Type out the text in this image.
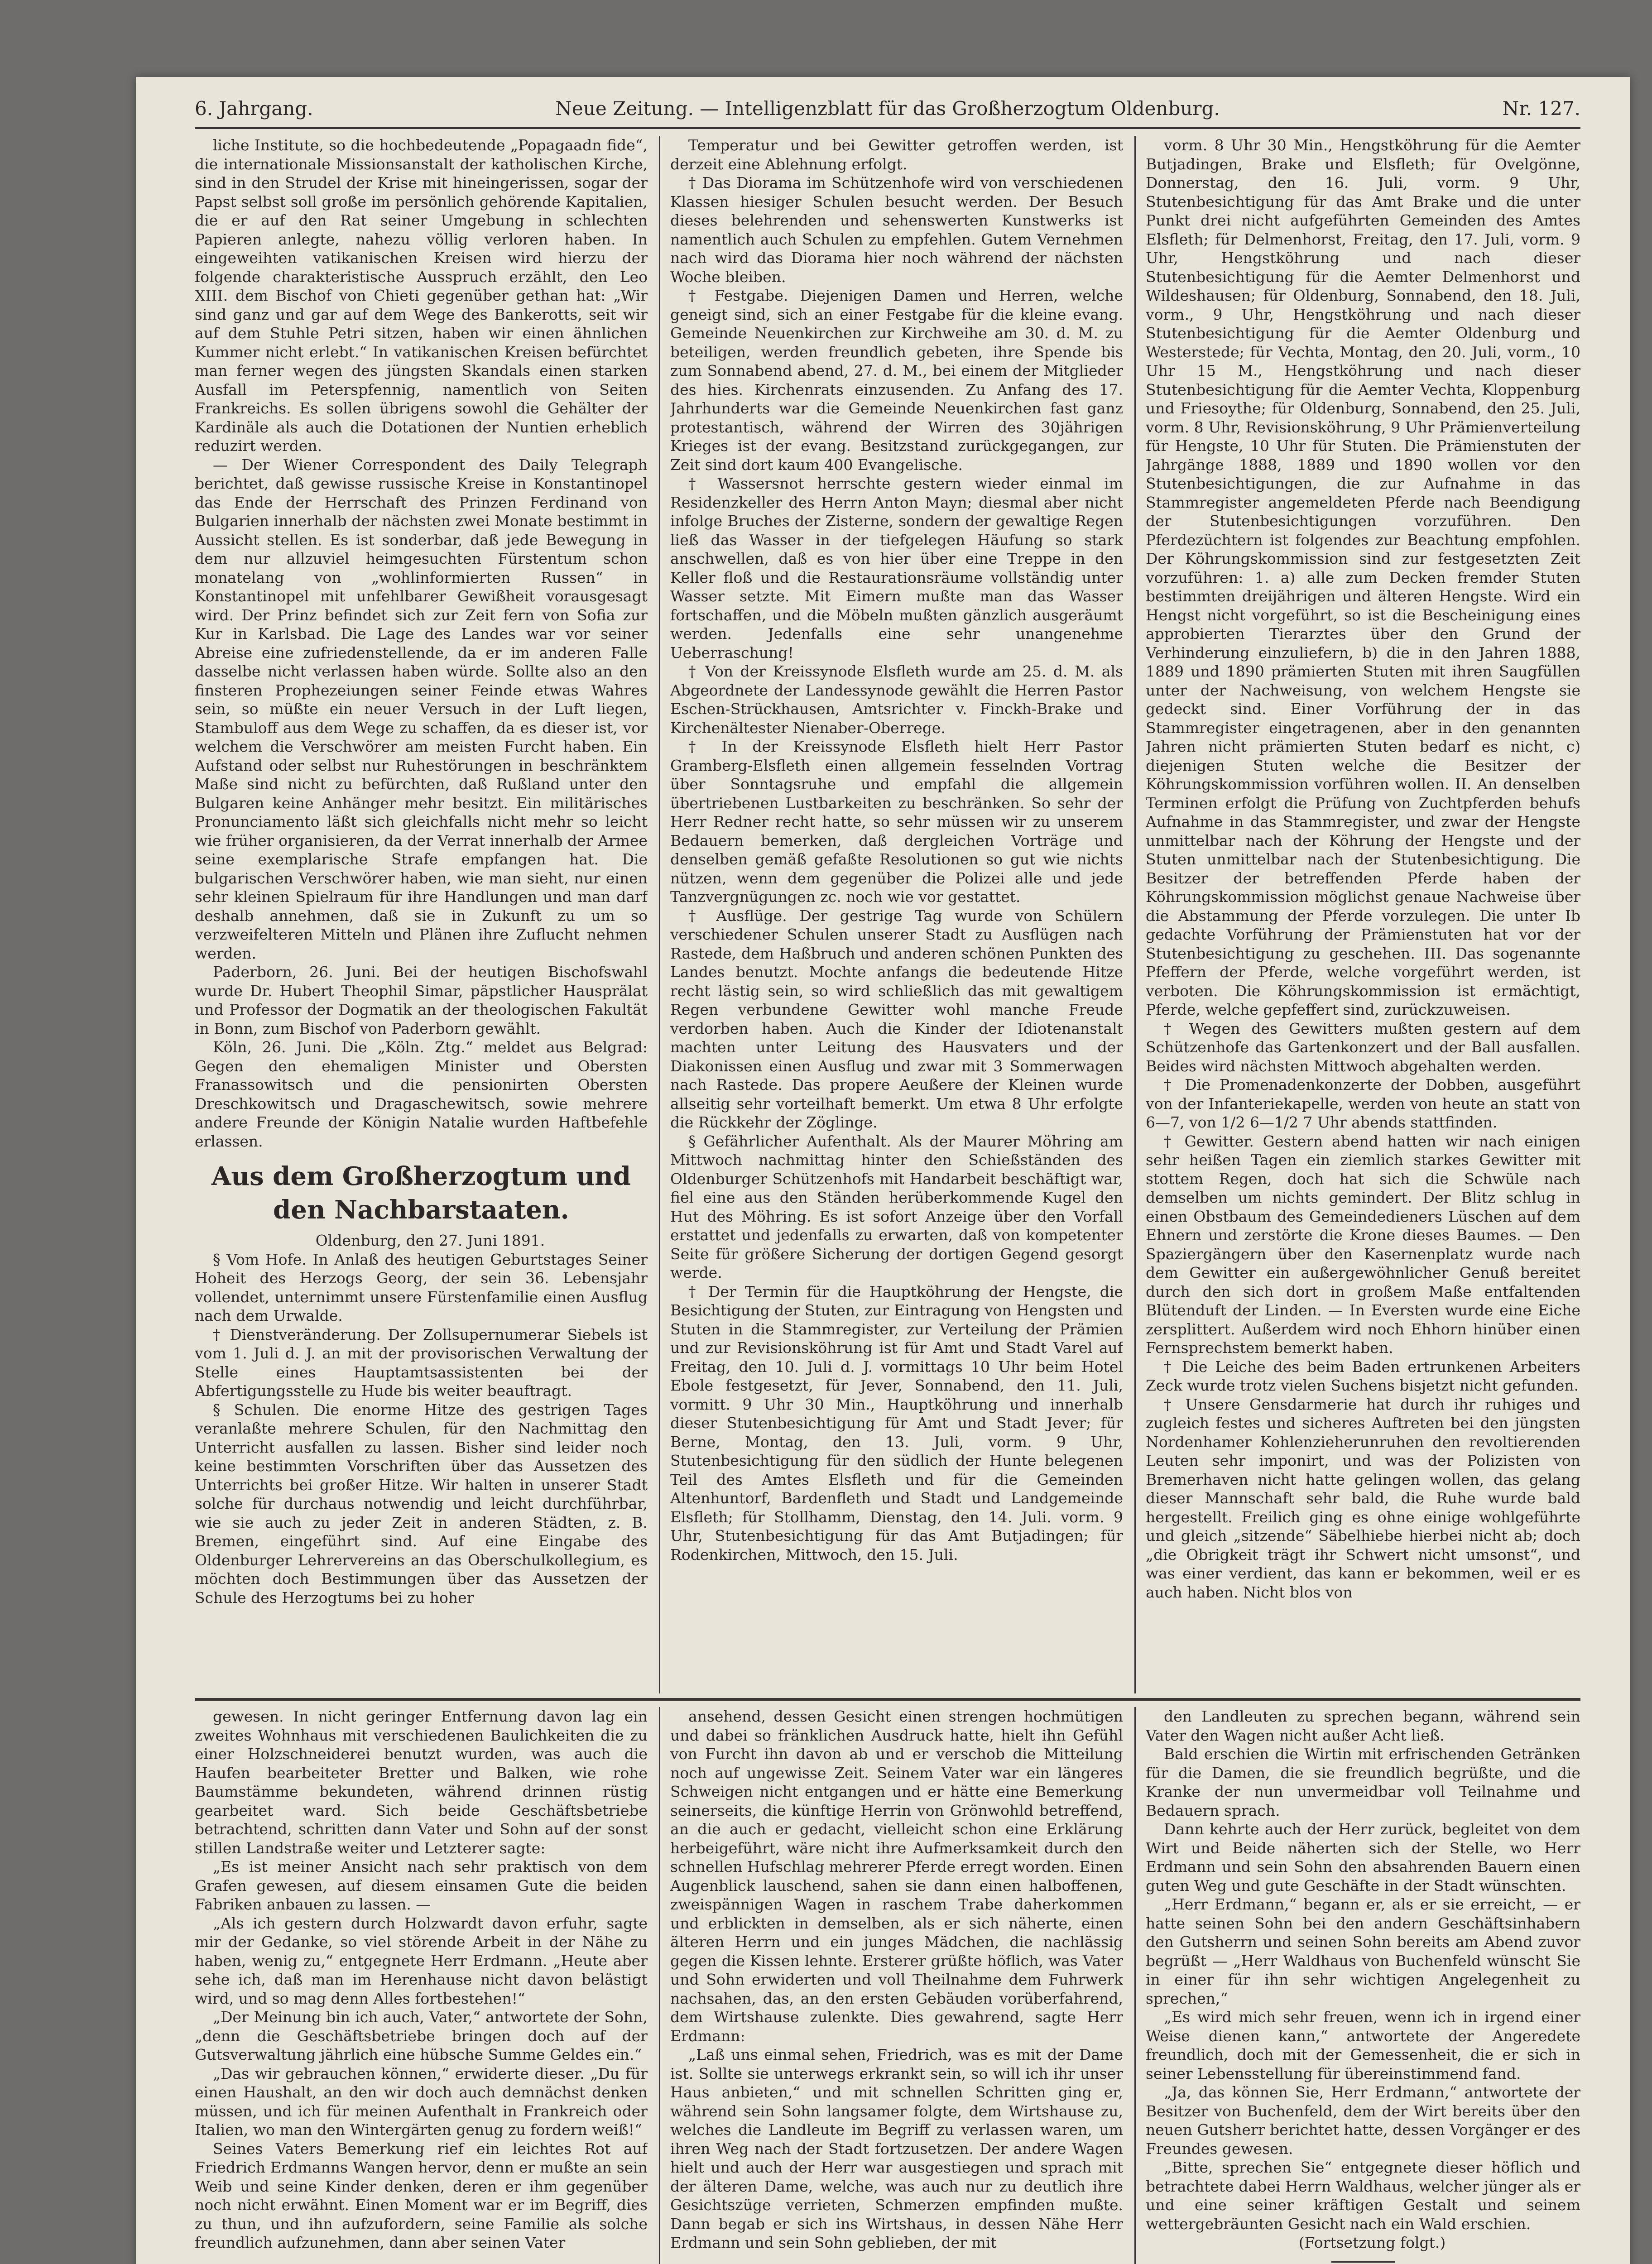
6. Jahrgang.	Neue Zeitung. — Intelligenzblatt für das Großherzogtum Oldenburg.	Nr. 127.

liche Institute, so die hochbedeutende „Popagaadn fide“, die internationale Missionsanstalt der katholischen Kirche, sind in den Strudel der Krise mit hineingerissen, sogar der Papst selbst soll große im persönlich gehörende Kapitalien, die er auf den Rat seiner Umgebung in schlechten Papieren anlegte, nahezu völlig verloren haben. In eingeweihten vatikanischen Kreisen wird hierzu der folgende charakteristische Ausspruch erzählt, den Leo XIII. dem Bischof von Chieti gegenüber gethan hat: „Wir sind ganz und gar auf dem Wege des Bankerotts, seit wir auf dem Stuhle Petri sitzen, haben wir einen ähnlichen Kummer nicht erlebt.“ In vatikanischen Kreisen befürchtet man ferner wegen des jüngsten Skandals einen starken Ausfall im Peterspfennig, namentlich von Seiten Frankreichs. Es sollen übrigens sowohl die Gehälter der Kardinäle als auch die Dotationen der Nuntien erheblich reduzirt werden.

— Der Wiener Correspondent des Daily Telegraph berichtet, daß gewisse russische Kreise in Konstantinopel das Ende der Herrschaft des Prinzen Ferdinand von Bulgarien innerhalb der nächsten zwei Monate bestimmt in Aussicht stellen. Es ist sonderbar, daß jede Bewegung in dem nur allzuviel heimgesuchten Fürstentum schon monatelang von „wohlinformierten Russen“ in Konstantinopel mit unfehlbarer Gewißheit vorausgesagt wird. Der Prinz befindet sich zur Zeit fern von Sofia zur Kur in Karlsbad. Die Lage des Landes war vor seiner Abreise eine zufriedenstellende, da er im anderen Falle dasselbe nicht verlassen haben würde. Sollte also an den finsteren Prophezeiungen seiner Feinde etwas Wahres sein, so müßte ein neuer Versuch in der Luft liegen, Stambuloff aus dem Wege zu schaffen, da es dieser ist, vor welchem die Verschwörer am meisten Furcht haben. Ein Aufstand oder selbst nur Ruhestörungen in beschränktem Maße sind nicht zu befürchten, daß Rußland unter den Bulgaren keine Anhänger mehr besitzt. Ein militärisches Pronunciamento läßt sich gleichfalls nicht mehr so leicht wie früher organisieren, da der Verrat innerhalb der Armee seine exemplarische Strafe empfangen hat. Die bulgarischen Verschwörer haben, wie man sieht, nur einen sehr kleinen Spielraum für ihre Handlungen und man darf deshalb annehmen, daß sie in Zukunft zu um so verzweifelteren Mitteln und Plänen ihre Zuflucht nehmen werden.

Paderborn, 26. Juni. Bei der heutigen Bischofswahl wurde Dr. Hubert Theophil Simar, päpstlicher Hausprälat und Professor der Dogmatik an der theologischen Fakultät in Bonn, zum Bischof von Paderborn gewählt.

Köln, 26. Juni. Die „Köln. Ztg.“ meldet aus Belgrad: Gegen den ehemaligen Minister und Obersten Franassowitsch und die pensionirten Obersten Dreschkowitsch und Dragaschewitsch, sowie mehrere andere Freunde der Königin Natalie wurden Haftbefehle erlassen.

Aus dem Großherzogtum und den Nachbarstaaten.

Oldenburg, den 27. Juni 1891.

§ Vom Hofe. In Anlaß des heutigen Geburtstages Seiner Hoheit des Herzogs Georg, der sein 36. Lebensjahr vollendet, unternimmt unsere Fürstenfamilie einen Ausflug nach dem Urwalde.

† Dienstveränderung. Der Zollsupernumerar Siebels ist vom 1. Juli d. J. an mit der provisorischen Verwaltung der Stelle eines Hauptamtsassistenten bei der Abfertigungsstelle zu Hude bis weiter beauftragt.

§ Schulen. Die enorme Hitze des gestrigen Tages veranlaßte mehrere Schulen, für den Nachmittag den Unterricht ausfallen zu lassen. Bisher sind leider noch keine bestimmten Vorschriften über das Aussetzen des Unterrichts bei großer Hitze. Wir halten in unserer Stadt solche für durchaus notwendig und leicht durchführbar, wie sie auch zu jeder Zeit in anderen Städten, z. B. Bremen, eingeführt sind. Auf eine Eingabe des Oldenburger Lehrervereins an das Oberschulkollegium, es möchten doch Bestimmungen über das Aussetzen der Schule des Herzogtums bei zu hoher

Temperatur und bei Gewitter getroffen werden, ist derzeit eine Ablehnung erfolgt.

† Das Diorama im Schützenhofe wird von verschiedenen Klassen hiesiger Schulen besucht werden. Der Besuch dieses belehrenden und sehenswerten Kunstwerks ist namentlich auch Schulen zu empfehlen. Gutem Vernehmen nach wird das Diorama hier noch während der nächsten Woche bleiben.

† Festgabe. Diejenigen Damen und Herren, welche geneigt sind, sich an einer Festgabe für die kleine evang. Gemeinde Neuenkirchen zur Kirchweihe am 30. d. M. zu beteiligen, werden freundlich gebeten, ihre Spende bis zum Sonnabend abend, 27. d. M., bei einem der Mitglieder des hies. Kirchenrats einzusenden. Zu Anfang des 17. Jahrhunderts war die Gemeinde Neuenkirchen fast ganz protestantisch, während der Wirren des 30jährigen Krieges ist der evang. Besitzstand zurückgegangen, zur Zeit sind dort kaum 400 Evangelische.

† Wassersnot herrschte gestern wieder einmal im Residenzkeller des Herrn Anton Mayn; diesmal aber nicht infolge Bruches der Zisterne, sondern der gewaltige Regen ließ das Wasser in der tiefgelegen Häufung so stark anschwellen, daß es von hier über eine Treppe in den Keller floß und die Restaurationsräume vollständig unter Wasser setzte. Mit Eimern mußte man das Wasser fortschaffen, und die Möbeln mußten gänzlich ausgeräumt werden. Jedenfalls eine sehr unangenehme Ueberraschung!

† Von der Kreissynode Elsfleth wurde am 25. d. M. als Abgeordnete der Landessynode gewählt die Herren Pastor Eschen-Strückhausen, Amtsrichter v. Finckh-Brake und Kirchenältester Nienaber-Oberrege.

† In der Kreissynode Elsfleth hielt Herr Pastor Gramberg-Elsfleth einen allgemein fesselnden Vortrag über Sonntagsruhe und empfahl die allgemein übertriebenen Lustbarkeiten zu beschränken. So sehr der Herr Redner recht hatte, so sehr müssen wir zu unserem Bedauern bemerken, daß dergleichen Vorträge und denselben gemäß gefaßte Resolutionen so gut wie nichts nützen, wenn dem gegenüber die Polizei alle und jede Tanzvergnügungen zc. noch wie vor gestattet.

† Ausflüge. Der gestrige Tag wurde von Schülern verschiedener Schulen unserer Stadt zu Ausflügen nach Rastede, dem Haßbruch und anderen schönen Punkten des Landes benutzt. Mochte anfangs die bedeutende Hitze recht lästig sein, so wird schließlich das mit gewaltigem Regen verbundene Gewitter wohl manche Freude verdorben haben. Auch die Kinder der Idiotenanstalt machten unter Leitung des Hausvaters und der Diakonissen einen Ausflug und zwar mit 3 Sommerwagen nach Rastede. Das propere Aeußere der Kleinen wurde allseitig sehr vorteilhaft bemerkt. Um etwa 8 Uhr erfolgte die Rückkehr der Zöglinge.

§ Gefährlicher Aufenthalt. Als der Maurer Möhring am Mittwoch nachmittag hinter den Schießständen des Oldenburger Schützenhofs mit Handarbeit beschäftigt war, fiel eine aus den Ständen herüberkommende Kugel den Hut des Möhring. Es ist sofort Anzeige über den Vorfall erstattet und jedenfalls zu erwarten, daß von kompetenter Seite für größere Sicherung der dortigen Gegend gesorgt werde.

† Der Termin für die Hauptköhrung der Hengste, die Besichtigung der Stuten, zur Eintragung von Hengsten und Stuten in die Stammregister, zur Verteilung der Prämien und zur Revisionsköhrung ist für Amt und Stadt Varel auf Freitag, den 10. Juli d. J. vormittags 10 Uhr beim Hotel Ebole festgesetzt, für Jever, Sonnabend, den 11. Juli, vormitt. 9 Uhr 30 Min., Hauptköhrung und innerhalb dieser Stutenbesichtigung für Amt und Stadt Jever; für Berne, Montag, den 13. Juli, vorm. 9 Uhr, Stutenbesichtigung für den südlich der Hunte belegenen Teil des Amtes Elsfleth und für die Gemeinden Altenhuntorf, Bardenfleth und Stadt und Landgemeinde Elsfleth; für Stollhamm, Dienstag, den 14. Juli. vorm. 9 Uhr, Stutenbesichtigung für das Amt Butjadingen; für Rodenkirchen, Mittwoch, den 15. Juli.

vorm. 8 Uhr 30 Min., Hengstköhrung für die Aemter Butjadingen, Brake und Elsfleth; für Ovelgönne, Donnerstag, den 16. Juli, vorm. 9 Uhr, Stutenbesichtigung für das Amt Brake und die unter Punkt drei nicht aufgeführten Gemeinden des Amtes Elsfleth; für Delmenhorst, Freitag, den 17. Juli, vorm. 9 Uhr, Hengstköhrung und nach dieser Stutenbesichtigung für die Aemter Delmenhorst und Wildeshausen; für Oldenburg, Sonnabend, den 18. Juli, vorm., 9 Uhr, Hengstköhrung und nach dieser Stutenbesichtigung für die Aemter Oldenburg und Westerstede; für Vechta, Montag, den 20. Juli, vorm., 10 Uhr 15 M., Hengstköhrung und nach dieser Stutenbesichtigung für die Aemter Vechta, Kloppenburg und Friesoythe; für Oldenburg, Sonnabend, den 25. Juli, vorm. 8 Uhr, Revisionsköhrung, 9 Uhr Prämienverteilung für Hengste, 10 Uhr für Stuten. Die Prämienstuten der Jahrgänge 1888, 1889 und 1890 wollen vor den Stutenbesichtigungen, die zur Aufnahme in das Stammregister angemeldeten Pferde nach Beendigung der Stutenbesichtigungen vorzuführen. Den Pferdezüchtern ist folgendes zur Beachtung empfohlen. Der Köhrungskommission sind zur festgesetzten Zeit vorzuführen: 1. a) alle zum Decken fremder Stuten bestimmten dreijährigen und älteren Hengste. Wird ein Hengst nicht vorgeführt, so ist die Bescheinigung eines approbierten Tierarztes über den Grund der Verhinderung einzuliefern, b) die in den Jahren 1888, 1889 und 1890 prämierten Stuten mit ihren Saugfüllen unter der Nachweisung, von welchem Hengste sie gedeckt sind. Einer Vorführung der in das Stammregister eingetragenen, aber in den genannten Jahren nicht prämierten Stuten bedarf es nicht, c) diejenigen Stuten welche die Besitzer der Köhrungskommission vorführen wollen. II. An denselben Terminen erfolgt die Prüfung von Zuchtpferden behufs Aufnahme in das Stammregister, und zwar der Hengste unmittelbar nach der Köhrung der Hengste und der Stuten unmittelbar nach der Stutenbesichtigung. Die Besitzer der betreffenden Pferde haben der Köhrungskommission möglichst genaue Nachweise über die Abstammung der Pferde vorzulegen. Die unter Ib gedachte Vorführung der Prämienstuten hat vor der Stutenbesichtigung zu geschehen. III. Das sogenannte Pfeffern der Pferde, welche vorgeführt werden, ist verboten. Die Köhrungskommission ist ermächtigt, Pferde, welche gepfeffert sind, zurückzuweisen.

† Wegen des Gewitters mußten gestern auf dem Schützenhofe das Gartenkonzert und der Ball ausfallen. Beides wird nächsten Mittwoch abgehalten werden.

† Die Promenadenkonzerte der Dobben, ausgeführt von der Infanteriekapelle, werden von heute an statt von 6—7, von 1/2 6—1/2 7 Uhr abends stattfinden.

† Gewitter. Gestern abend hatten wir nach einigen sehr heißen Tagen ein ziemlich starkes Gewitter mit stottem Regen, doch hat sich die Schwüle nach demselben um nichts gemindert. Der Blitz schlug in einen Obstbaum des Gemeindedieners Lüschen auf dem Ehnern und zerstörte die Krone dieses Baumes. — Den Spaziergängern über den Kasernenplatz wurde nach dem Gewitter ein außergewöhnlicher Genuß bereitet durch den sich dort in großem Maße entfaltenden Blütenduft der Linden. — In Eversten wurde eine Eiche zersplittert. Außerdem wird noch Ehhorn hinüber einen Fernsprechstem bemerkt haben.

† Die Leiche des beim Baden ertrunkenen Arbeiters Zeck wurde trotz vielen Suchens bisjetzt nicht gefunden.

† Unsere Gensdarmerie hat durch ihr ruhiges und zugleich festes und sicheres Auftreten bei den jüngsten Nordenhamer Kohlenzieherunruhen den revoltierenden Leuten sehr imponirt, und was der Polizisten von Bremerhaven nicht hatte gelingen wollen, das gelang dieser Mannschaft sehr bald, die Ruhe wurde bald hergestellt. Freilich ging es ohne einige wohlgeführte und gleich „sitzende“ Säbelhiebe hierbei nicht ab; doch „die Obrigkeit trägt ihr Schwert nicht umsonst“, und was einer verdient, das kann er bekommen, weil er es auch haben. Nicht blos von

gewesen. In nicht geringer Entfernung davon lag ein zweites Wohnhaus mit verschiedenen Baulichkeiten die zu einer Holzschneiderei benutzt wurden, was auch die Haufen bearbeiteter Bretter und Balken, wie rohe Baumstämme bekundeten, während drinnen rüstig gearbeitet ward. Sich beide Geschäftsbetriebe betrachtend, schritten dann Vater und Sohn auf der sonst stillen Landstraße weiter und Letzterer sagte:

„Es ist meiner Ansicht nach sehr praktisch von dem Grafen gewesen, auf diesem einsamen Gute die beiden Fabriken anbauen zu lassen. —

„Als ich gestern durch Holzwardt davon erfuhr, sagte mir der Gedanke, so viel störende Arbeit in der Nähe zu haben, wenig zu,“ entgegnete Herr Erdmann. „Heute aber sehe ich, daß man im Herenhause nicht davon belästigt wird, und so mag denn Alles fortbestehen!“

„Der Meinung bin ich auch, Vater,“ antwortete der Sohn, „denn die Geschäftsbetriebe bringen doch auf der Gutsverwaltung jährlich eine hübsche Summe Geldes ein.“

„Das wir gebrauchen können,“ erwiderte dieser. „Du für einen Haushalt, an den wir doch auch demnächst denken müssen, und ich für meinen Aufenthalt in Frankreich oder Italien, wo man den Wintergärten genug zu fordern weiß!“

Seines Vaters Bemerkung rief ein leichtes Rot auf Friedrich Erdmanns Wangen hervor, denn er mußte an sein Weib und seine Kinder denken, deren er ihm gegenüber noch nicht erwähnt. Einen Moment war er im Begriff, dies zu thun, und ihn aufzufordern, seine Familie als solche freundlich aufzunehmen, dann aber seinen Vater

ansehend, dessen Gesicht einen strengen hochmütigen und dabei so fränklichen Ausdruck hatte, hielt ihn Gefühl von Furcht ihn davon ab und er verschob die Mitteilung noch auf ungewisse Zeit. Seinem Vater war ein längeres Schweigen nicht entgangen und er hätte eine Bemerkung seinerseits, die künftige Herrin von Grönwohld betreffend, an die auch er gedacht, vielleicht schon eine Erklärung herbeigeführt, wäre nicht ihre Aufmerksamkeit durch den schnellen Hufschlag mehrerer Pferde erregt worden. Einen Augenblick lauschend, sahen sie dann einen halboffenen, zweispännigen Wagen in raschem Trabe daherkommen und erblickten in demselben, als er sich näherte, einen älteren Herrn und ein junges Mädchen, die nachlässig gegen die Kissen lehnte. Ersterer grüßte höflich, was Vater und Sohn erwiderten und voll Theilnahme dem Fuhrwerk nachsahen, das, an den ersten Gebäuden vorüberfahrend, dem Wirtshause zulenkte. Dies gewahrend, sagte Herr Erdmann:

„Laß uns einmal sehen, Friedrich, was es mit der Dame ist. Sollte sie unterwegs erkrankt sein, so will ich ihr unser Haus anbieten,“ und mit schnellen Schritten ging er, während sein Sohn langsamer folgte, dem Wirtshause zu, welches die Landleute im Begriff zu verlassen waren, um ihren Weg nach der Stadt fortzusetzen. Der andere Wagen hielt und auch der Herr war ausgestiegen und sprach mit der älteren Dame, welche, was auch nur zu deutlich ihre Gesichtszüge verrieten, Schmerzen empfinden mußte. Dann begab er sich ins Wirtshaus, in dessen Nähe Herr Erdmann und sein Sohn geblieben, der mit

den Landleuten zu sprechen begann, während sein Vater den Wagen nicht außer Acht ließ.

Bald erschien die Wirtin mit erfrischenden Getränken für die Damen, die sie freundlich begrüßte, und die Kranke der nun unvermeidbar voll Teilnahme und Bedauern sprach.

Dann kehrte auch der Herr zurück, begleitet von dem Wirt und Beide näherten sich der Stelle, wo Herr Erdmann und sein Sohn den absahrenden Bauern einen guten Weg und gute Geschäfte in der Stadt wünschten.

„Herr Erdmann,“ begann er, als er sie erreicht, — er hatte seinen Sohn bei den andern Geschäftsinhabern den Gutsherrn und seinen Sohn bereits am Abend zuvor begrüßt — „Herr Waldhaus von Buchenfeld wünscht Sie in einer für ihn sehr wichtigen Angelegenheit zu sprechen,“

„Es wird mich sehr freuen, wenn ich in irgend einer Weise dienen kann,“ antwortete der Angeredete freundlich, doch mit der Gemessenheit, die er sich in seiner Lebensstellung für übereinstimmend fand.

„Ja, das können Sie, Herr Erdmann,“ antwortete der Besitzer von Buchenfeld, dem der Wirt bereits über den neuen Gutsherr berichtet hatte, dessen Vorgänger er des Freundes gewesen.

„Bitte, sprechen Sie“ entgegnete dieser höflich und betrachtete dabei Herrn Waldhaus, welcher jünger als er und eine seiner kräftigen Gestalt und seinem wettergebräunten Gesicht nach ein Wald erschien.

(Fortsetzung folgt.)
